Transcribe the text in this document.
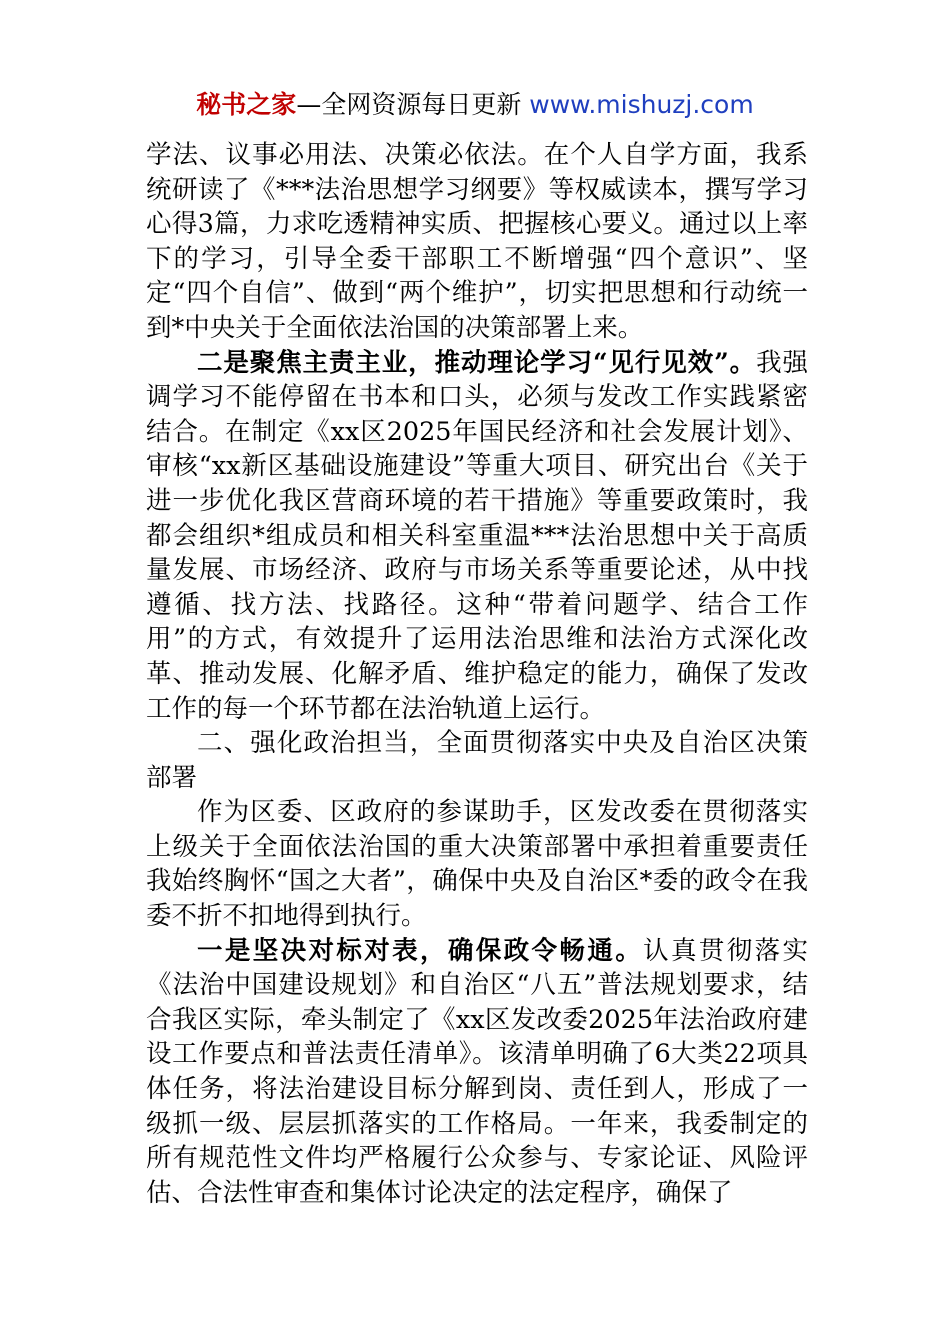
秘书之家—全网资源每日更新 www.mishuzj.com

学法、议事必用法、决策必依法。在个人自学方面，我系统研读了《***法治思想学习纲要》等权威读本，撰写学习心得3篇，力求吃透精神实质、把握核心要义。通过以上率下的学习，引导全委干部职工不断增强“四个意识”、坚定“四个自信”、做到“两个维护”，切实把思想和行动统一到*中央关于全面依法治国的决策部署上来。

二是聚焦主责主业，推动理论学习“见行见效”。我强调学习不能停留在书本和口头，必须与发改工作实践紧密结合。在制定《xx区2025年国民经济和社会发展计划》、审核“xx新区基础设施建设”等重大项目、研究出台《关于进一步优化我区营商环境的若干措施》等重要政策时，我都会组织*组成员和相关科室重温***法治思想中关于高质量发展、市场经济、政府与市场关系等重要论述，从中找遵循、找方法、找路径。这种“带着问题学、结合工作用”的方式，有效提升了运用法治思维和法治方式深化改革、推动发展、化解矛盾、维护稳定的能力，确保了发改工作的每一个环节都在法治轨道上运行。

二、强化政治担当，全面贯彻落实中央及自治区决策部署

作为区委、区政府的参谋助手，区发改委在贯彻落实上级关于全面依法治国的重大决策部署中承担着重要责任我始终胸怀“国之大者”，确保中央及自治区*委的政令在我委不折不扣地得到执行。

一是坚决对标对表，确保政令畅通。认真贯彻落实《法治中国建设规划》和自治区“八五”普法规划要求，结合我区实际，牵头制定了《xx区发改委2025年法治政府建设工作要点和普法责任清单》。该清单明确了6大类22项具体任务，将法治建设目标分解到岗、责任到人，形成了一级抓一级、层层抓落实的工作格局。一年来，我委制定的所有规范性文件均严格履行公众参与、专家论证、风险评估、合法性审查和集体讨论决定的法定程序，确保了
